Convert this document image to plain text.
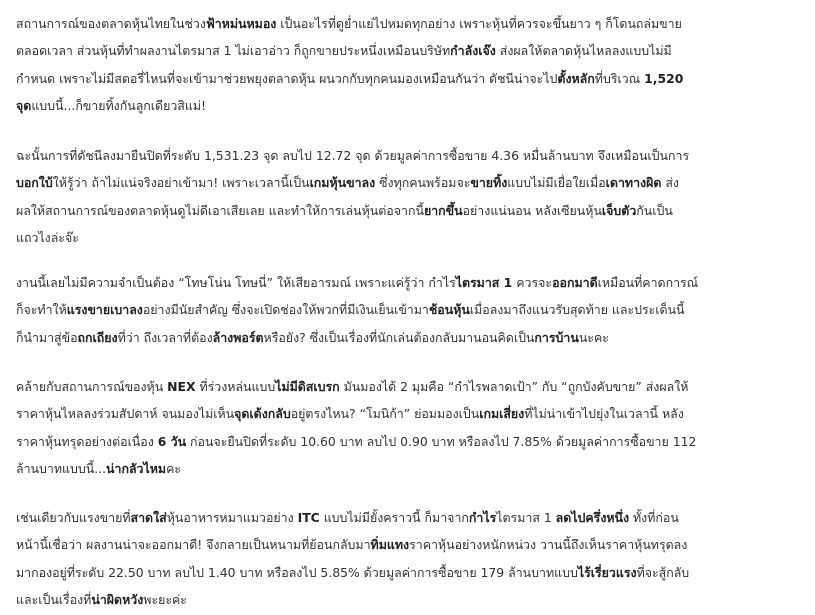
สถานการณ์ของตลาดหุ้นไทยในช่วงฟ้าหม่นหมอง เป็นอะไรที่ดูย่ำแย่ไปหมดทุกอย่าง เพราะหุ้นที่ควรจะขึ้นยาว ๆ ก็โดนถล่มขาย
ตลอดเวลา ส่วนหุ้นที่ทำผลงานไตรมาส 1 ไม่เอาอ่าว ก็ถูกขายประหนึ่งเหมือนบริษัทกำลังเจ๊ง ส่งผลให้ตลาดหุ้นไหลลงแบบไม่มี
กำหนด เพราะไม่มีสตอรี่ไหนที่จะเข้ามาช่วยพยุงตลาดหุ้น ผนวกกับทุกคนมองเหมือนกันว่า ดัชนีน่าจะไปตั้งหลักที่บริเวณ 1,520
จุดแบบนี้...ก็ขายทิ้งกันลูกเดียวสิแม่!

ฉะนั้นการที่ดัชนีลงมายืนปิดที่ระดับ 1,531.23 จุด ลบไป 12.72 จุด ด้วยมูลค่าการซื้อขาย 4.36 หมื่นล้านบาท จึงเหมือนเป็นการ
บอกใบ้ให้รู้ว่า ถ้าไม่แน่จริงอย่าเข้ามา! เพราะเวลานี้เป็นเกมหุ้นขาลง ซึ่งทุกคนพร้อมจะขายทิ้งแบบไม่มีเยื่อใยเมื่อเดาทางผิด ส่ง
ผลให้สถานการณ์ของตลาดหุ้นดูไม่ดีเอาเสียเลย และทำให้การเล่นหุ้นต่อจากนี้ยากขึ้นอย่างแน่นอน หลังเซียนหุ้นเจ็บตัวกันเป็น
แถวไงล่ะจ๊ะ

งานนี้เลยไม่มีความจำเป็นต้อง “โทษโน่น โทษนี่” ให้เสียอารมณ์ เพราะแค่รู้ว่า กำไรไตรมาส 1 ควรจะออกมาดีเหมือนที่คาดการณ์
ก็จะทำให้แรงขายเบาลงอย่างมีนัยสำคัญ ซึ่งจะเปิดช่องให้พวกที่มีเงินเย็นเข้ามาช้อนหุ้นเมื่อลงมาถึงแนวรับสุดท้าย และประเด็นนี้
ก็นำมาสู่ข้อถกเถียงที่ว่า ถึงเวลาที่ต้องล้างพอร์ตหรือยัง? ซึ่งเป็นเรื่องที่นักเล่นต้องกลับมานอนคิดเป็นการบ้านนะคะ

คล้ายกับสถานการณ์ของหุ้น NEX ที่ร่วงหล่นแบบไม่มีดิสเบรก มันมองได้ 2 มุมคือ “กำไรพลาดเป้า” กับ “ถูกบังคับขาย” ส่งผลให้
ราคาหุ้นไหลลงร่วมสัปดาห์ จนมองไม่เห็นจุดเด้งกลับอยู่ตรงไหน? “โมนิก้า” ย่อมมองเป็นเกมเสี่ยงที่ไม่น่าเข้าไปยุ่งในเวลานี้ หลัง
ราคาหุ้นทรุดอย่างต่อเนื่อง 6 วัน ก่อนจะยืนปิดที่ระดับ 10.60 บาท ลบไป 0.90 บาท หรือลงไป 7.85% ด้วยมูลค่าการซื้อขาย 112
ล้านบาทแบบนี้...น่ากลัวไหมคะ

เช่นเดียวกับแรงขายที่สาดใส่หุ้นอาหารหมาแมวอย่าง ITC แบบไม่มียั้งคราวนี้ ก็มาจากกำไรไตรมาส 1 ลดไปครึ่งหนึ่ง ทั้งที่ก่อน
หน้านี้เชื่อว่า ผลงานน่าจะออกมาดี! จึงกลายเป็นหนามที่ย้อนกลับมาทิ่มแทงราคาหุ้นอย่างหนักหน่วง วานนี้ถึงเห็นราคาหุ้นทรุดลง
มากองอยู่ที่ระดับ 22.50 บาท ลบไป 1.40 บาท หรือลงไป 5.85% ด้วยมูลค่าการซื้อขาย 179 ล้านบาทแบบไร้เรี่ยวแรงที่จะสู้กลับ
และเป็นเรื่องที่น่าผิดหวังพะยะค่ะ
